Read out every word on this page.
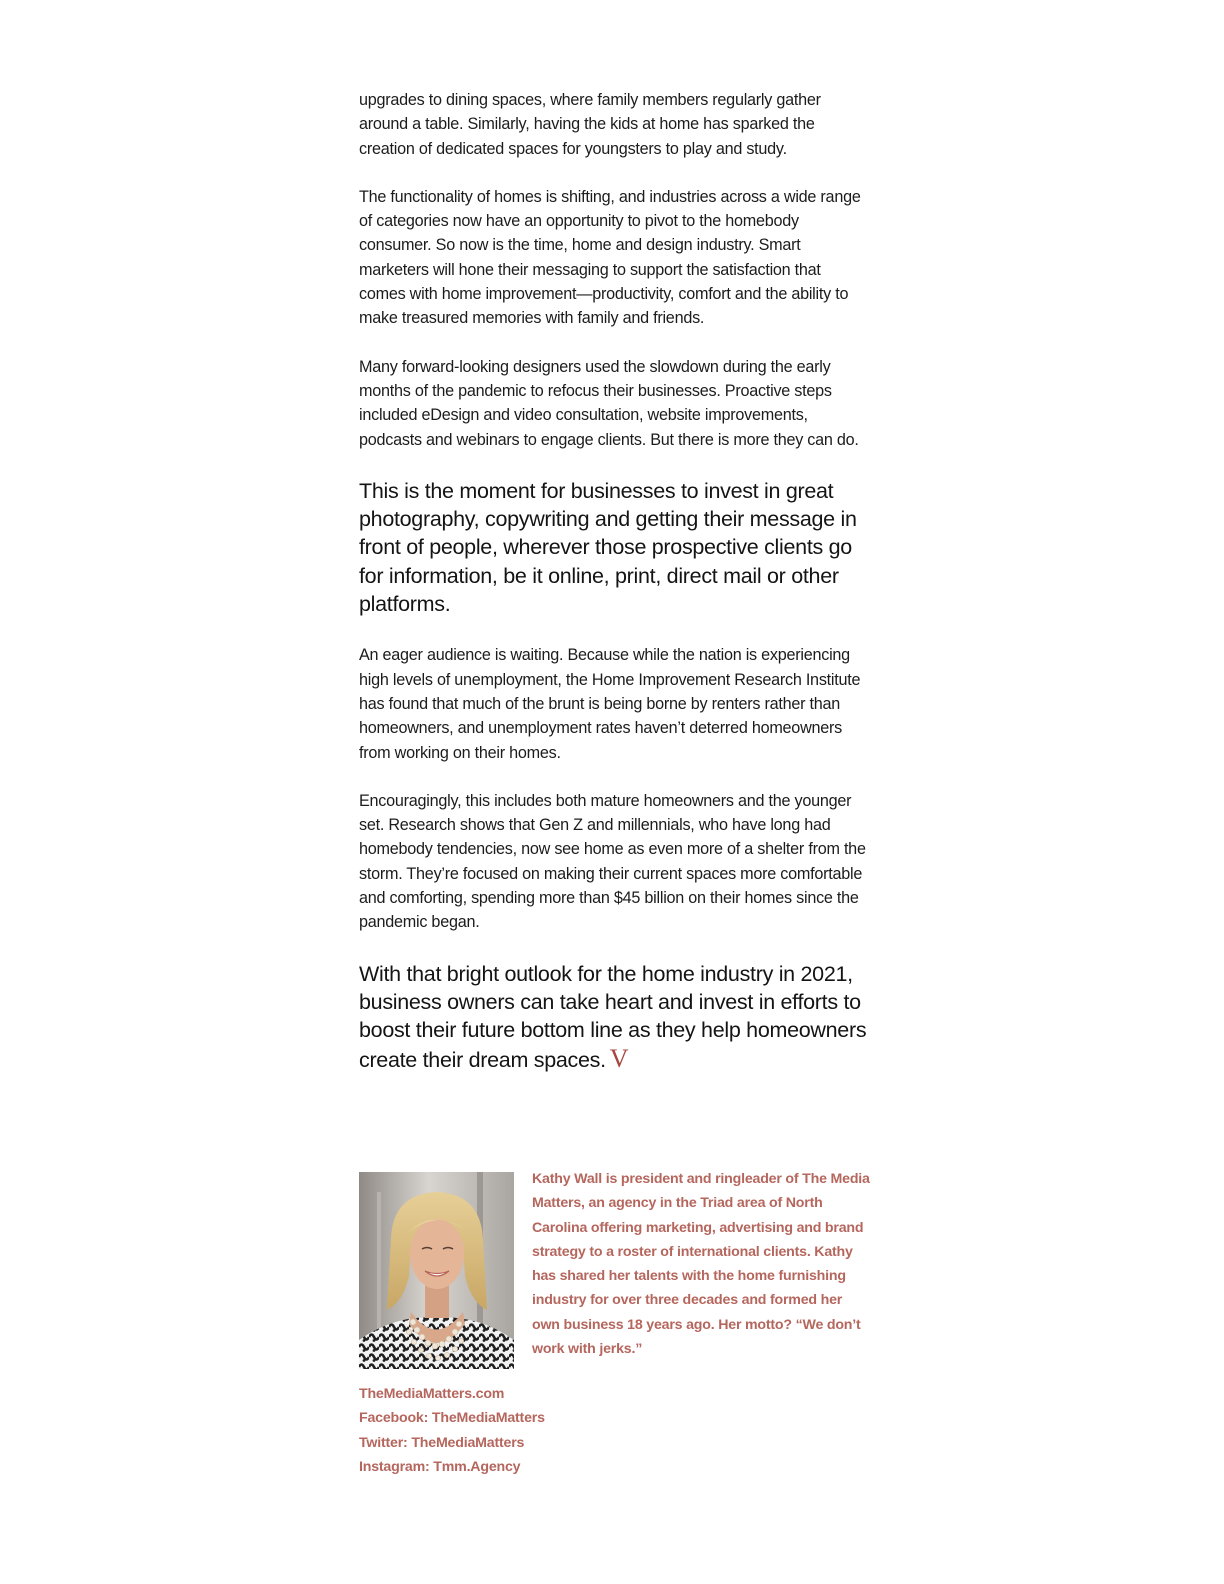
upgrades to dining spaces, where family members regularly gather around a table. Similarly, having the kids at home has sparked the creation of dedicated spaces for youngsters to play and study.

The functionality of homes is shifting, and industries across a wide range of categories now have an opportunity to pivot to the homebody consumer. So now is the time, home and design industry. Smart marketers will hone their messaging to support the satisfaction that comes with home improvement—productivity, comfort and the ability to make treasured memories with family and friends.

Many forward-looking designers used the slowdown during the early months of the pandemic to refocus their businesses. Proactive steps included eDesign and video consultation, website improvements, podcasts and webinars to engage clients. But there is more they can do.

This is the moment for businesses to invest in great photography, copywriting and getting their message in front of people, wherever those prospective clients go for information, be it online, print, direct mail or other platforms.

An eager audience is waiting. Because while the nation is experiencing high levels of unemployment, the Home Improvement Research Institute has found that much of the brunt is being borne by renters rather than homeowners, and unemployment rates haven’t deterred homeowners from working on their homes.

Encouragingly, this includes both mature homeowners and the younger set. Research shows that Gen Z and millennials, who have long had homebody tendencies, now see home as even more of a shelter from the storm. They’re focused on making their current spaces more comfortable and comforting, spending more than $45 billion on their homes since the pandemic began.

With that bright outlook for the home industry in 2021, business owners can take heart and invest in efforts to boost their future bottom line as they help homeowners create their dream spaces. V

Kathy Wall is president and ringleader of The Media Matters, an agency in the Triad area of North Carolina offering marketing, advertising and brand strategy to a roster of international clients. Kathy has shared her talents with the home furnishing industry for over three decades and formed her own business 18 years ago. Her motto? “We don’t work with jerks.”

TheMediaMatters.com
Facebook: TheMediaMatters
Twitter: TheMediaMatters
Instagram: Tmm.Agency
